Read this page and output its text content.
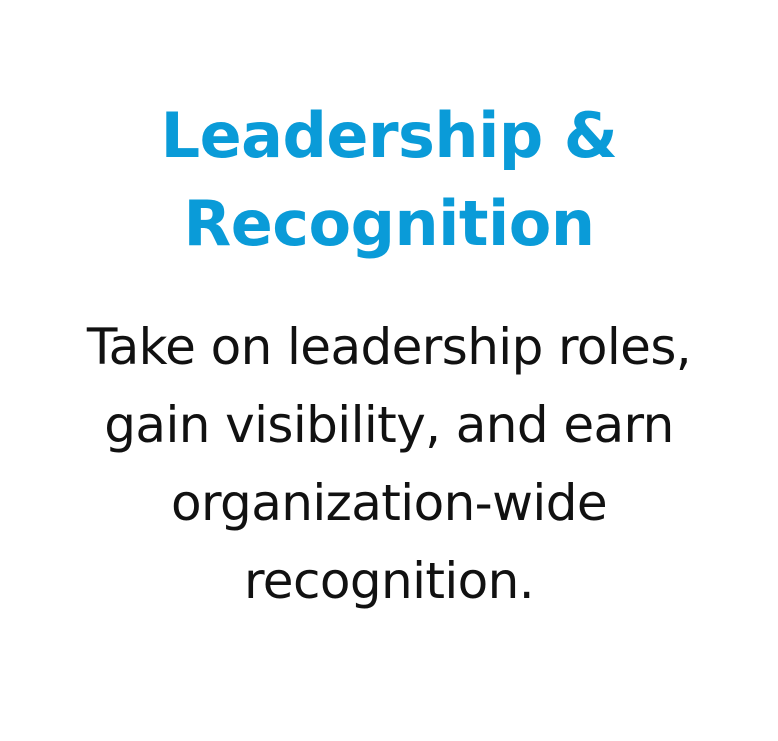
Leadership &
Recognition

Take on leadership roles,
gain visibility, and earn
organization-wide
recognition.
